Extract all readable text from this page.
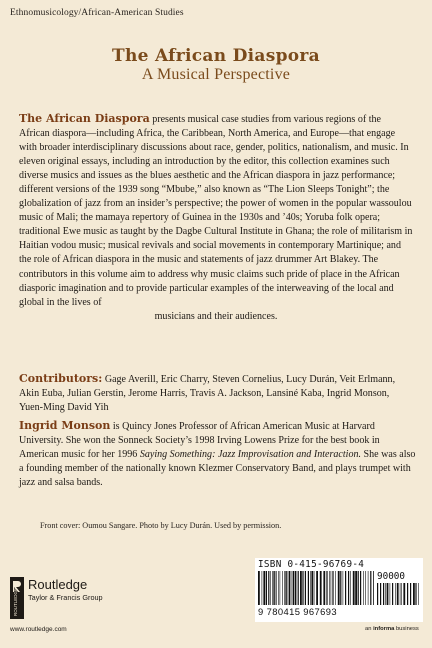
Ethnomusicology/African-American Studies
The African Diaspora
A Musical Perspective
The African Diaspora presents musical case studies from various regions of the African diaspora—including Africa, the Caribbean, North America, and Europe—that engage with broader interdisciplinary discussions about race, gender, politics, nationalism, and music. In eleven original essays, including an introduction by the editor, this collection examines such diverse musics and issues as the blues aesthetic and the African diaspora in jazz performance; different versions of the 1939 song “Mbube,” also known as “The Lion Sleeps Tonight”; the globalization of jazz from an insider’s perspective; the power of women in the popular wassoulou music of Mali; the mamaya repertory of Guinea in the 1930s and ’40s; Yoruba folk opera; traditional Ewe music as taught by the Dagbe Cultural Institute in Ghana; the role of militarism in Haitian vodou music; musical revivals and social movements in contemporary Martinique; and the role of African diaspora in the music and statements of jazz drummer Art Blakey. The contributors in this volume aim to address why music claims such pride of place in the African diasporic imagination and to provide particular examples of the interweaving of the local and global in the lives of
musicians and their audiences.
Contributors: Gage Averill, Eric Charry, Steven Cornelius, Lucy Durán, Veit Erlmann, Akin Euba, Julian Gerstin, Jerome Harris, Travis A. Jackson, Lansiné Kaba, Ingrid Monson, Yuen-Ming David Yih
Ingrid Monson is Quincy Jones Professor of African American Music at Harvard University. She won the Sonneck Society’s 1998 Irving Lowens Prize for the best book in American music for her 1996 Saying Something: Jazz Improvisation and Interaction. She was also a founding member of the nationally known Klezmer Conservatory Band, and plays trumpet with jazz and salsa bands.
Front cover: Oumou Sangare. Photo by Lucy Durán. Used by permission.
ROUTLEDGE
Routledge
Taylor & Francis Group
www.routledge.com
ISBN 0-415-96769-4
90000
9 780415 967693
an informa business
